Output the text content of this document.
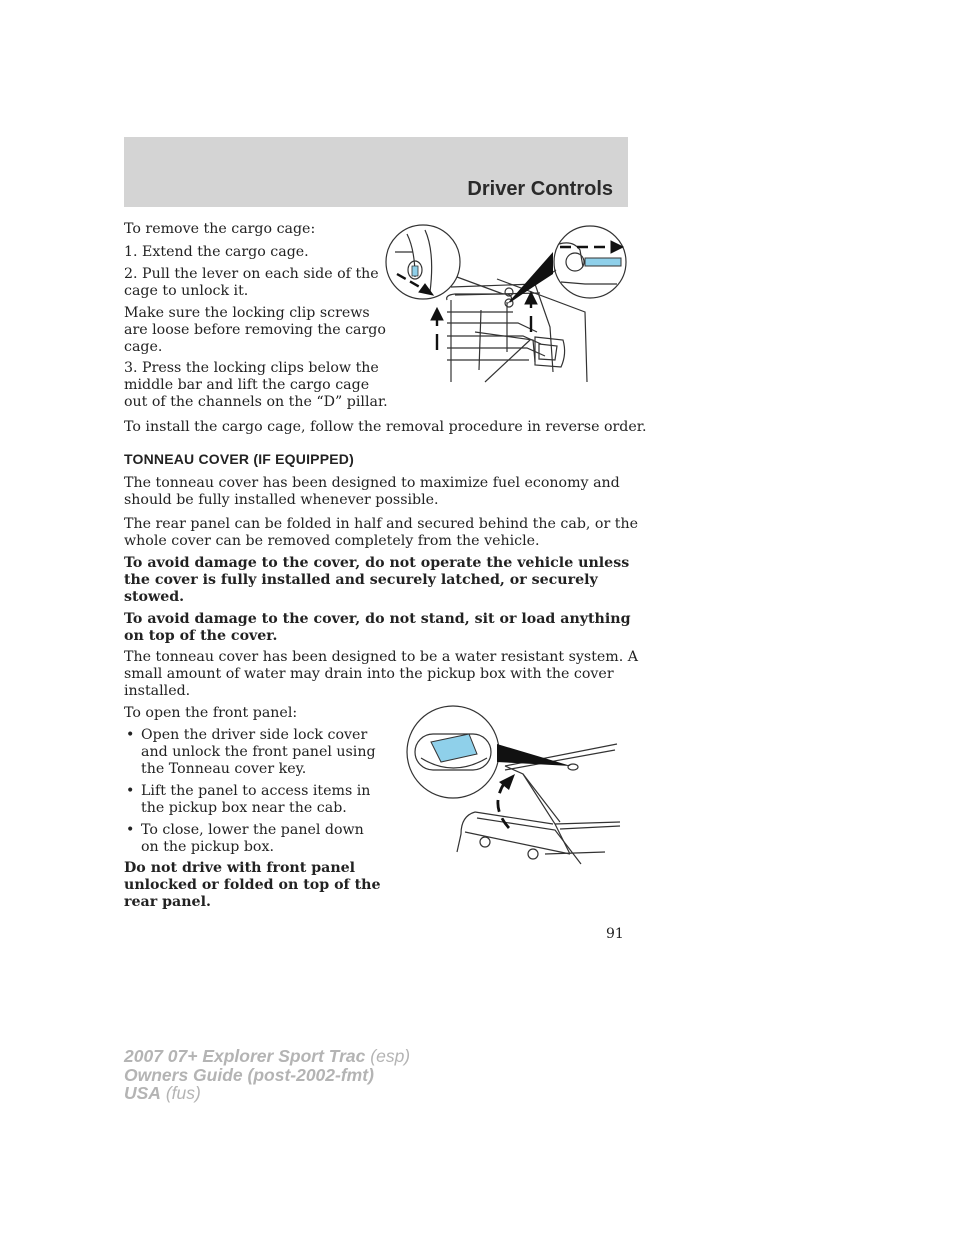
Driver Controls

To remove the cargo cage:

1. Extend the cargo cage.

2. Pull the lever on each side of the
cage to unlock it.

Make sure the locking clip screws
are loose before removing the cargo
cage.

3. Press the locking clips below the
middle bar and lift the cargo cage
out of the channels on the “D” pillar.

To install the cargo cage, follow the removal procedure in reverse order.

TONNEAU COVER (IF EQUIPPED)

The tonneau cover has been designed to maximize fuel economy and
should be fully installed whenever possible.

The rear panel can be folded in half and secured behind the cab, or the
whole cover can be removed completely from the vehicle.

To avoid damage to the cover, do not operate the vehicle unless
the cover is fully installed and securely latched, or securely
stowed.

To avoid damage to the cover, do not stand, sit or load anything
on top of the cover.

The tonneau cover has been designed to be a water resistant system. A
small amount of water may drain into the pickup box with the cover
installed.

To open the front panel:

• Open the driver side lock cover
and unlock the front panel using
the Tonneau cover key.
• Lift the panel to access items in
the pickup box near the cab.
• To close, lower the panel down
on the pickup box.

Do not drive with front panel
unlocked or folded on top of the
rear panel.

91
2007 07+ Explorer Sport Trac (esp)
Owners Guide (post-2002-fmt)
USA (fus)
